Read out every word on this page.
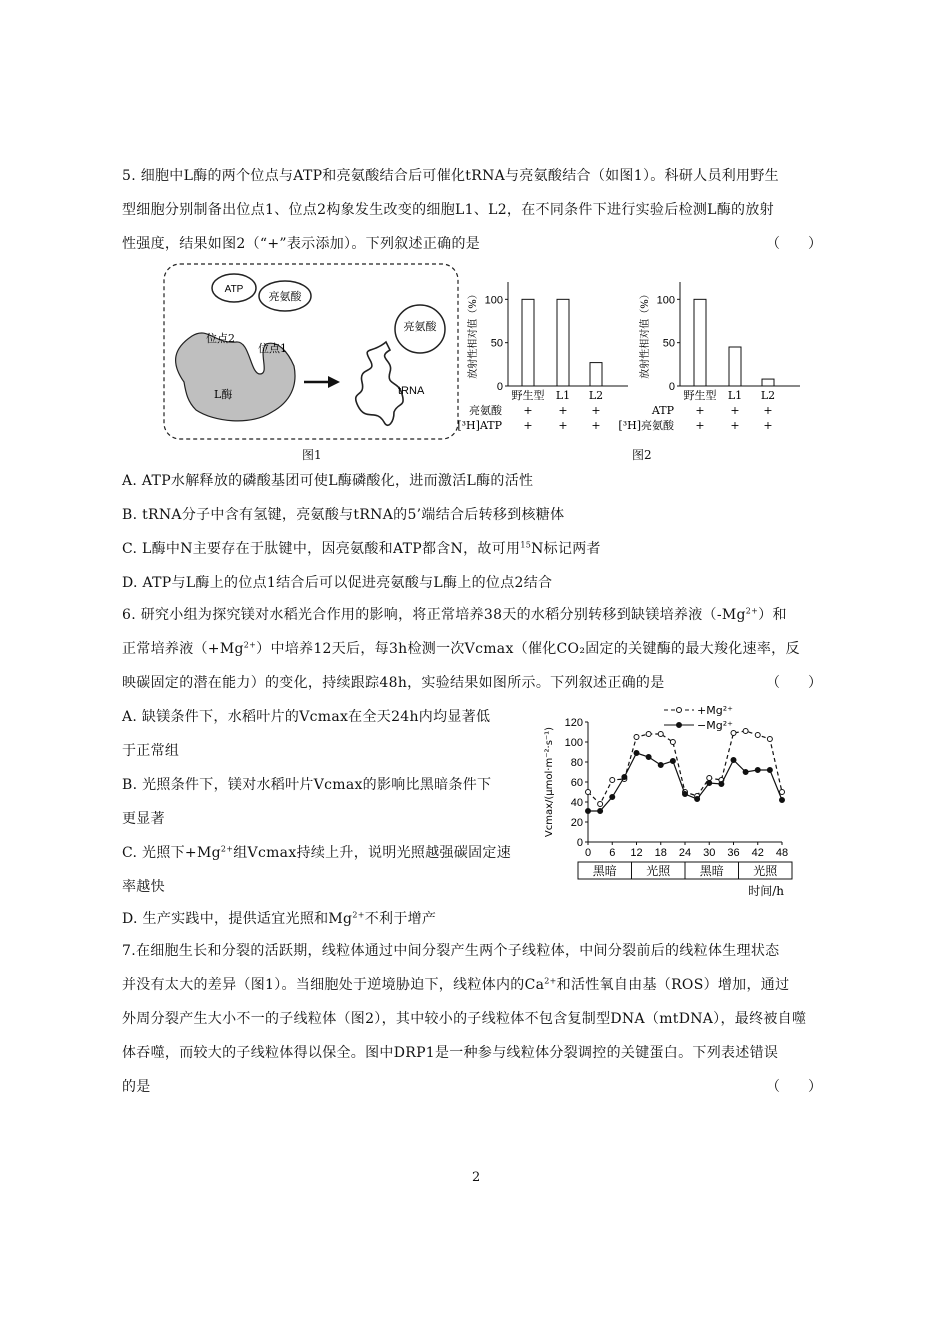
5. 细胞中L酶的两个位点与ATP和亮氨酸结合后可催化tRNA与亮氨酸结合（如图1）。科研人员利用野生
型细胞分别制备出位点1、位点2构象发生改变的细胞L1、L2，在不同条件下进行实验后检测L酶的放射
性强度，结果如图2（“+”表示添加）。下列叙述正确的是	（　　）
ATP
亮氨酸
亮氨酸
位点2
位点1
L酶	tRNA
图1
放射性相对值（%）
0
50
100
野生型 L1 L2
亮氨酸 + + +
[³H]ATP + + +
放射性相对值（%）
0
50
100
野生型 L1 L2
ATP + + +
[³H]亮氨酸 + + +
图2
A. ATP水解释放的磷酸基团可使L酶磷酸化，进而激活L酶的活性
B. tRNA分子中含有氢键，亮氨酸与tRNA的5’端结合后转移到核糖体
C. L酶中N主要存在于肽键中，因亮氨酸和ATP都含N，故可用$^{15}$N标记两者
D. ATP与L酶上的位点1结合后可以促进亮氨酸与L酶上的位点2结合
6. 研究小组为探究镁对水稻光合作用的影响，将正常培养38天的水稻分别转移到缺镁培养液$(-Mg^{2+})$和
正常培养液$(+Mg^{2+})$中培养12天后，每3h检测一次Vcmax（催化CO₂固定的关键酶的最大羧化速率，反
映碳固定的潜在能力）的变化，持续跟踪48h，实验结果如图所示。下列叙述正确的是	（　　）
A. 缺镁条件下，水稻叶片的Vcmax在全天24h内均显著低
于正常组
B. 光照条件下，镁对水稻叶片Vcmax的影响比黑暗条件下
更显著
C. 光照下$+Mg^{2+}$组Vcmax持续上升，说明光照越强碳固定速
率越快
D. 生产实践中，提供适宜光照和$Mg^{2+}$不利于增产
Vcmax/(μmol·m⁻²·s⁻¹)
0
20
40
60
80
100
120
0 6 12 18 24 30 36 42 48
黑暗 光照 黑暗 光照
时间/h
+Mg²⁺
−Mg²⁺
7.在细胞生长和分裂的活跃期，线粒体通过中间分裂产生两个子线粒体，中间分裂前后的线粒体生理状态
并没有太大的差异（图1）。当细胞处于逆境胁迫下，线粒体内的$Ca^{2+}$和活性氧自由基（ROS）增加，通过
外周分裂产生大小不一的子线粒体（图2），其中较小的子线粒体不包含复制型DNA（mtDNA），最终被自噬
体吞噬，而较大的子线粒体得以保全。图中DRP1是一种参与线粒体分裂调控的关键蛋白。下列表述错误
的是	（　　）
2
